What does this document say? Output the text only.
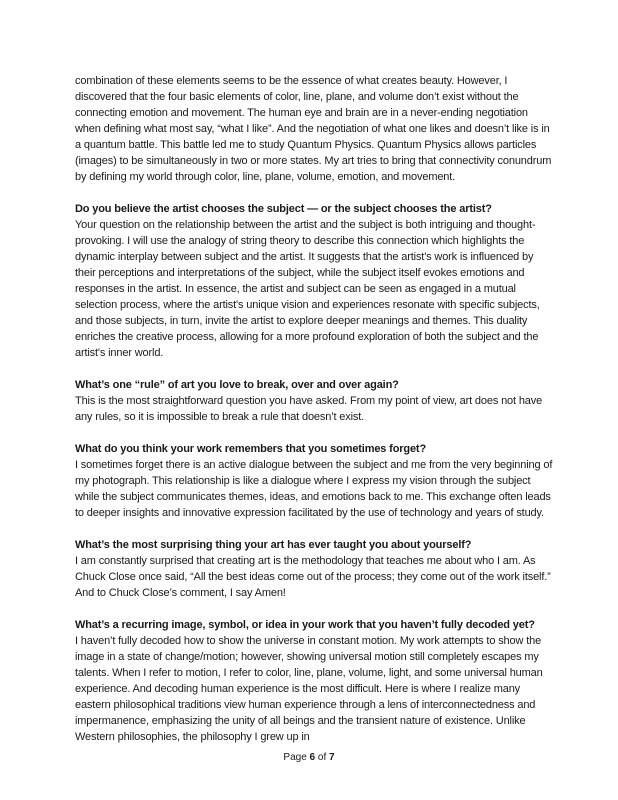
combination of these elements seems to be the essence of what creates beauty. However, I discovered that the four basic elements of color, line, plane, and volume don’t exist without the connecting emotion and movement. The human eye and brain are in a never-ending negotiation when defining what most say, “what I like”. And the negotiation of what one likes and doesn’t like is in a quantum battle. This battle led me to study Quantum Physics. Quantum Physics allows particles (images) to be simultaneously in two or more states. My art tries to bring that connectivity conundrum by defining my world through color, line, plane, volume, emotion, and movement.

Do you believe the artist chooses the subject — or the subject chooses the artist?

Your question on the relationship between the artist and the subject is both intriguing and thought-provoking. I will use the analogy of string theory to describe this connection which highlights the dynamic interplay between subject and the artist. It suggests that the artist's work is influenced by their perceptions and interpretations of the subject, while the subject itself evokes emotions and responses in the artist. In essence, the artist and subject can be seen as engaged in a mutual selection process, where the artist's unique vision and experiences resonate with specific subjects, and those subjects, in turn, invite the artist to explore deeper meanings and themes. This duality enriches the creative process, allowing for a more profound exploration of both the subject and the artist's inner world.

What’s one “rule” of art you love to break, over and over again?

This is the most straightforward question you have asked. From my point of view, art does not have any rules, so it is impossible to break a rule that doesn’t exist.

What do you think your work remembers that you sometimes forget?

I sometimes forget there is an active dialogue between the subject and me from the very beginning of my photograph. This relationship is like a dialogue where I express my vision through the subject while the subject communicates themes, ideas, and emotions back to me. This exchange often leads to deeper insights and innovative expression facilitated by the use of technology and years of study.

What’s the most surprising thing your art has ever taught you about yourself?

I am constantly surprised that creating art is the methodology that teaches me about who I am. As Chuck Close once said, “All the best ideas come out of the process; they come out of the work itself.” And to Chuck Close’s comment, I say Amen!

What’s a recurring image, symbol, or idea in your work that you haven’t fully decoded yet?

I haven’t fully decoded how to show the universe in constant motion. My work attempts to show the image in a state of change/motion; however, showing universal motion still completely escapes my talents. When I refer to motion, I refer to color, line, plane, volume, light, and some universal human experience. And decoding human experience is the most difficult. Here is where I realize many eastern philosophical traditions view human experience through a lens of interconnectedness and impermanence, emphasizing the unity of all beings and the transient nature of existence. Unlike Western philosophies, the philosophy I grew up in

Page 6 of 7
